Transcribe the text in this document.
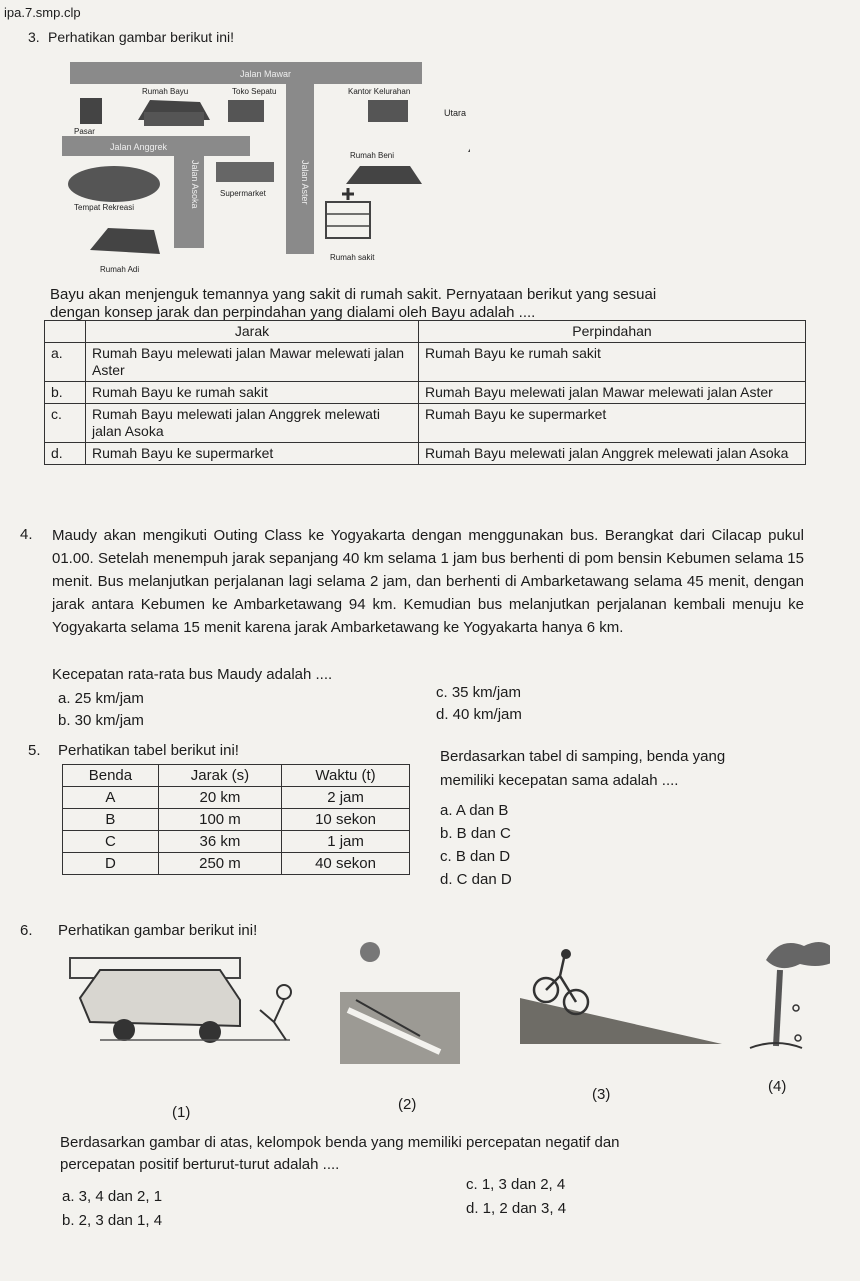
ipa.7.smp.clp
3. Perhatikan gambar berikut ini!
Jalan Mawar
Jalan Anggrek
Jalan Asoka	Jalan Aster
Rumah Bayu	Toko Sepatu	Kantor Kelurahan
Pasar
Rumah Beni
Tempat Rekreasi
Supermarket
Rumah Adi
Rumah sakit
Utara
Bayu akan menjenguk temannya yang sakit di rumah sakit. Pernyataan berikut yang sesuai
dengan konsep jarak dan perpindahan yang dialami oleh Bayu adalah ....
	Jarak	Perpindahan
a.	Rumah Bayu melewati jalan Mawar melewati jalan Aster	Rumah Bayu ke rumah sakit
b.	Rumah Bayu ke rumah sakit	Rumah Bayu melewati jalan Mawar melewati jalan Aster
c.	Rumah Bayu melewati jalan Anggrek melewati jalan Asoka	Rumah Bayu ke supermarket
d.	Rumah Bayu ke supermarket	Rumah Bayu melewati jalan Anggrek melewati jalan Asoka
4. Maudy akan mengikuti Outing Class ke Yogyakarta dengan menggunakan bus. Berangkat dari Cilacap pukul 01.00. Setelah menempuh jarak sepanjang 40 km selama 1 jam bus berhenti di pom bensin Kebumen selama 15 menit. Bus melanjutkan perjalanan lagi selama 2 jam, dan berhenti di Ambarketawang selama 45 menit, dengan jarak antara Kebumen ke Ambarketawang 94 km. Kemudian bus melanjutkan perjalanan kembali menuju ke Yogyakarta selama 15 menit karena jarak Ambarketawang ke Yogyakarta hanya 6 km.
Kecepatan rata-rata bus Maudy adalah ....
a. 25 km/jam
b. 30 km/jam
c. 35 km/jam
d. 40 km/jam
5. Perhatikan tabel berikut ini!
Benda	Jarak (s)	Waktu (t)
A	20 km	2 jam
B	100 m	10 sekon
C	36 km	1 jam
D	250 m	40 sekon
Berdasarkan tabel di samping, benda yang
memiliki kecepatan sama adalah ....
a. A dan B
b. B dan C
c. B dan D
d. C dan D
6. Perhatikan gambar berikut ini!
(1)	(2)
(3)	(4)
Berdasarkan gambar di atas, kelompok benda yang memiliki percepatan negatif dan
percepatan positif berturut-turut adalah ....
a. 3, 4 dan 2, 1
b. 2, 3 dan 1, 4
c. 1, 3 dan 2, 4
d. 1, 2 dan 3, 4
